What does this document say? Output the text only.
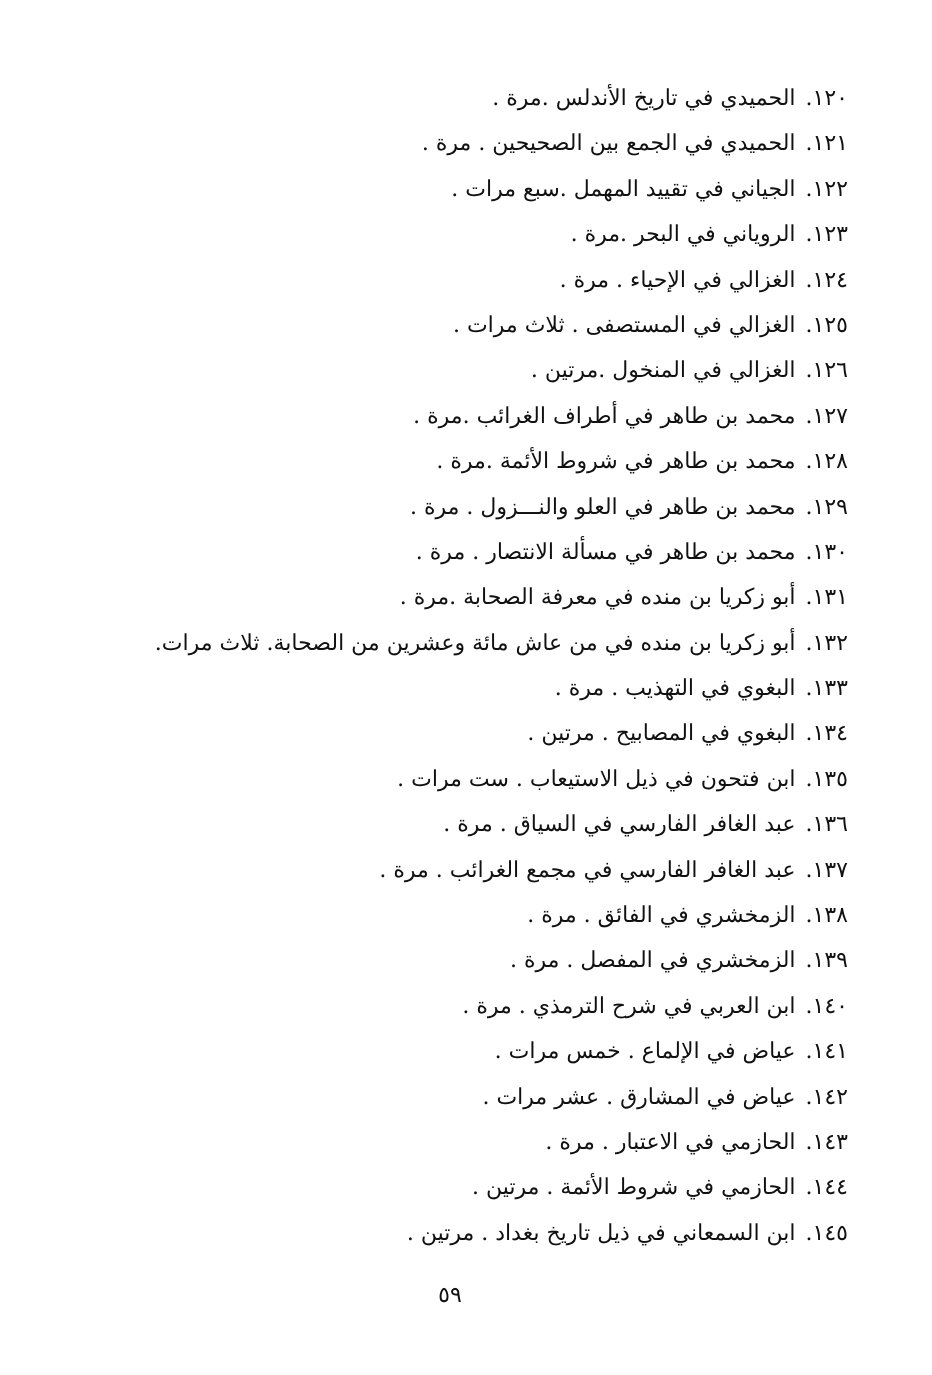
١٢٠.الحميدي في تاريخ الأندلس .مرة .
١٢١.الحميدي في الجمع بين الصحيحين . مرة .
١٢٢.الجياني في تقييد المهمل .سبع مرات .
١٢٣.الروياني في البحر .مرة .
١٢٤.الغزالي في الإحياء . مرة .
١٢٥.الغزالي في المستصفى . ثلاث مرات .
١٢٦.الغزالي في المنخول .مرتين .
١٢٧.محمد بن طاهر في أطراف الغرائب .مرة .
١٢٨.محمد بن طاهر في شروط الأئمة .مرة .
١٢٩.محمد بن طاهر في العلو والنـــزول . مرة .
١٣٠.محمد بن طاهر في مسألة الانتصار . مرة .
١٣١.أبو زكريا بن منده في معرفة الصحابة .مرة .
١٣٢.أبو زكريا بن منده في من عاش مائة وعشرين من الصحابة. ثلاث مرات.
١٣٣.البغوي في التهذيب . مرة .
١٣٤.البغوي في المصابيح . مرتين .
١٣٥.ابن فتحون في ذيل الاستيعاب . ست مرات .
١٣٦.عبد الغافر الفارسي في السياق . مرة .
١٣٧.عبد الغافر الفارسي في مجمع الغرائب . مرة .
١٣٨.الزمخشري في الفائق . مرة .
١٣٩.الزمخشري في المفصل . مرة .
١٤٠.ابن العربي في شرح الترمذي . مرة .
١٤١.عياض في الإلماع . خمس مرات .
١٤٢.عياض في المشارق . عشر مرات .
١٤٣.الحازمي في الاعتبار . مرة .
١٤٤.الحازمي في شروط الأئمة . مرتين .
١٤٥.ابن السمعاني في ذيل تاريخ بغداد . مرتين .
٥٩
